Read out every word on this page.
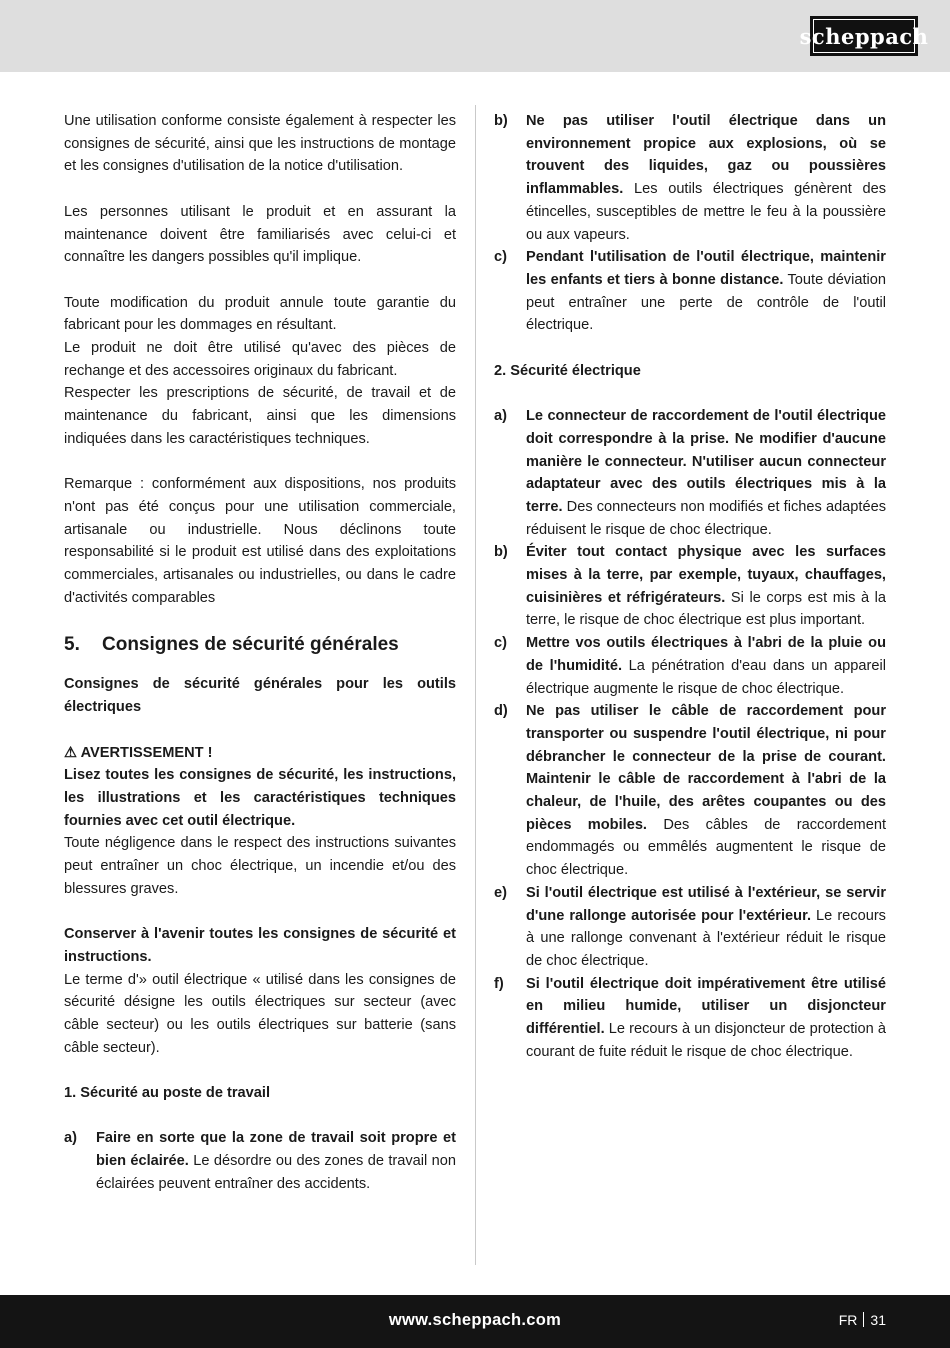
scheppach

Une utilisation conforme consiste également à respecter les consignes de sécurité, ainsi que les instructions de montage et les consignes d'utilisation de la notice d'utilisation.

Les personnes utilisant le produit et en assurant la maintenance doivent être familiarisés avec celui-ci et connaître les dangers possibles qu'il implique.

Toute modification du produit annule toute garantie du fabricant pour les dommages en résultant.

Le produit ne doit être utilisé qu'avec des pièces de rechange et des accessoires originaux du fabricant.

Respecter les prescriptions de sécurité, de travail et de maintenance du fabricant, ainsi que les dimensions indiquées dans les caractéristiques techniques.

Remarque : conformément aux dispositions, nos produits n'ont pas été conçus pour une utilisation commerciale, artisanale ou industrielle. Nous déclinons toute responsabilité si le produit est utilisé dans des exploitations commerciales, artisanales ou industrielles, ou dans le cadre d'activités comparables

5. Consignes de sécurité générales

Consignes de sécurité générales pour les outils électriques

⚠ AVERTISSEMENT !

Lisez toutes les consignes de sécurité, les instructions, les illustrations et les caractéristiques techniques fournies avec cet outil électrique.

Toute négligence dans le respect des instructions suivantes peut entraîner un choc électrique, un incendie et/ou des blessures graves.

Conserver à l'avenir toutes les consignes de sécurité et instructions.

Le terme d'» outil électrique « utilisé dans les consignes de sécurité désigne les outils électriques sur secteur (avec câble secteur) ou les outils électriques sur batterie (sans câble secteur).

1. Sécurité au poste de travail

a)	Faire en sorte que la zone de travail soit propre et bien éclairée. Le désordre ou des zones de travail non éclairées peuvent entraîner des accidents.
b)	Ne pas utiliser l'outil électrique dans un environnement propice aux explosions, où se trouvent des liquides, gaz ou poussières inflammables. Les outils électriques génèrent des étincelles, susceptibles de mettre le feu à la poussière ou aux vapeurs.
c)	Pendant l'utilisation de l'outil électrique, maintenir les enfants et tiers à bonne distance. Toute déviation peut entraîner une perte de contrôle de l'outil électrique.

2. Sécurité électrique

a)	Le connecteur de raccordement de l'outil électrique doit correspondre à la prise. Ne modifier d'aucune manière le connecteur. N'utiliser aucun connecteur adaptateur avec des outils électriques mis à la terre. Des connecteurs non modifiés et fiches adaptées réduisent le risque de choc électrique.
b)	Éviter tout contact physique avec les surfaces mises à la terre, par exemple, tuyaux, chauffages, cuisinières et réfrigérateurs. Si le corps est mis à la terre, le risque de choc électrique est plus important.
c)	Mettre vos outils électriques à l'abri de la pluie ou de l'humidité. La pénétration d'eau dans un appareil électrique augmente le risque de choc électrique.
d)	Ne pas utiliser le câble de raccordement pour transporter ou suspendre l'outil électrique, ni pour débrancher le connecteur de la prise de courant. Maintenir le câble de raccordement à l'abri de la chaleur, de l'huile, des arêtes coupantes ou des pièces mobiles. Des câbles de raccordement endommagés ou emmêlés augmentent le risque de choc électrique.
e)	Si l'outil électrique est utilisé à l'extérieur, se servir d'une rallonge autorisée pour l'extérieur. Le recours à une rallonge convenant à l'extérieur réduit le risque de choc électrique.
f)	Si l'outil électrique doit impérativement être utilisé en milieu humide, utiliser un disjoncteur différentiel. Le recours à un disjoncteur de protection à courant de fuite réduit le risque de choc électrique.
www.scheppach.com	FR 31
